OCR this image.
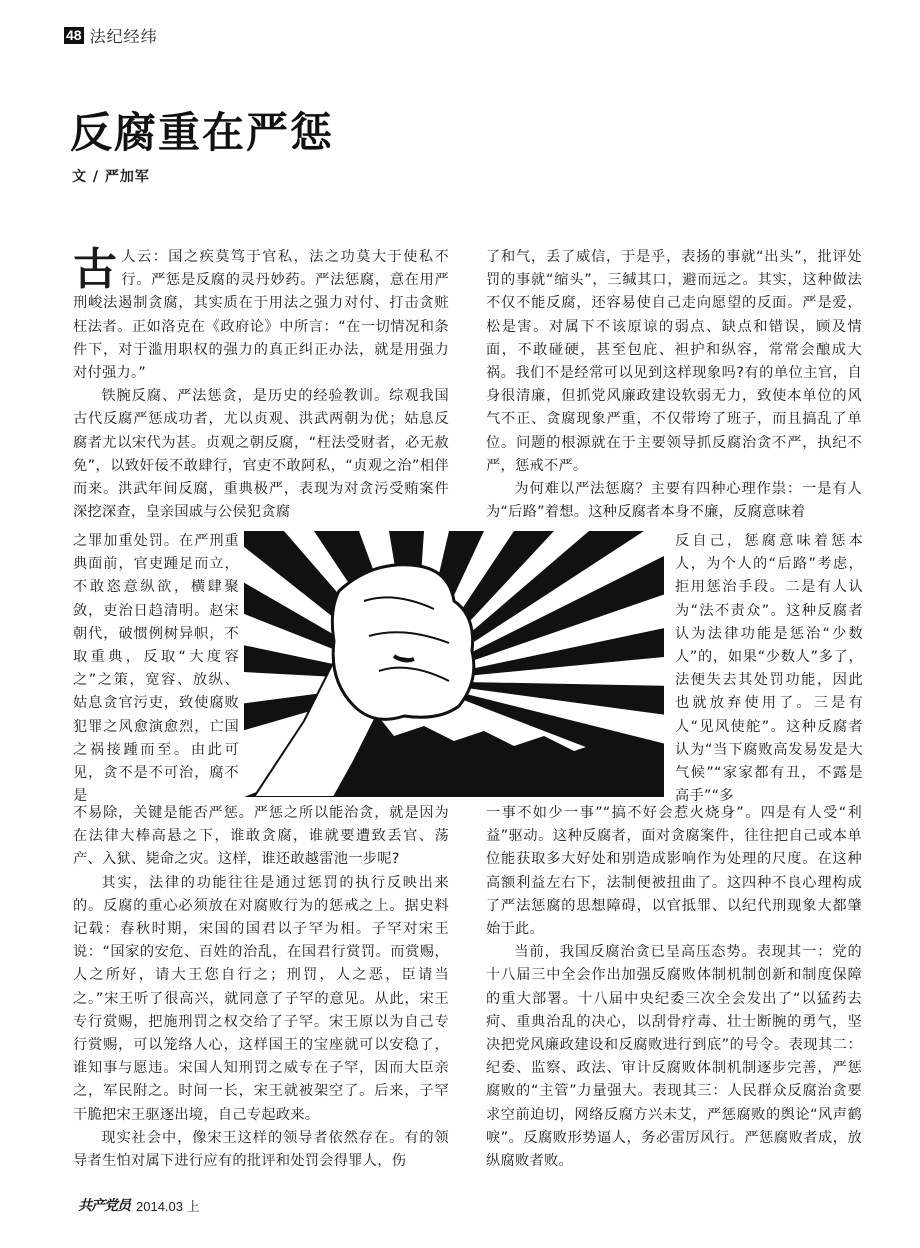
48 法纪经纬
反腐重在严惩
文 / 严加军

古人云：国之疾莫笃于官私，法之功莫大于使私不行。严惩是反腐的灵丹妙药。严法惩腐，意在用严刑峻法遏制贪腐，其实质在于用法之强力对付、打击贪赃枉法者。正如洛克在《政府论》中所言：“在一切情况和条件下，对于滥用职权的强力的真正纠正办法，就是用强力对付强力。”

铁腕反腐、严法惩贪，是历史的经验教训。综观我国古代反腐严惩成功者，尤以贞观、洪武两朝为优；姑息反腐者尤以宋代为甚。贞观之朝反腐，“枉法受财者，必无赦免”，以致奸佞不敢肆行，官吏不敢阿私，“贞观之治”相伴而来。洪武年间反腐，重典极严，表现为对贪污受贿案件深挖深查，皇亲国戚与公侯犯贪腐

之罪加重处罚。在严刑重典面前，官吏踵足而立，不敢恣意纵欲，横肆聚敛，吏治日趋清明。赵宋朝代，破惯例树异帜，不取重典，反取“大度容之”之策，宽容、放纵、姑息贪官污吏，致使腐败犯罪之风愈演愈烈，亡国之祸接踵而至。由此可见，贪不是不可治，腐不是

不易除，关键是能否严惩。严惩之所以能治贪，就是因为在法律大棒高悬之下，谁敢贪腐，谁就要遭致丢官、荡产、入狱、毙命之灾。这样，谁还敢越雷池一步呢?

其实，法律的功能往往是通过惩罚的执行反映出来的。反腐的重心必须放在对腐败行为的惩戒之上。据史料记载：春秋时期，宋国的国君以子罕为相。子罕对宋王说：“国家的安危、百姓的治乱，在国君行赏罚。而赏赐，人之所好，请大王您自行之；刑罚，人之恶，臣请当之。”宋王听了很高兴，就同意了子罕的意见。从此，宋王专行赏赐，把施刑罚之权交给了子罕。宋王原以为自己专行赏赐，可以笼络人心，这样国王的宝座就可以安稳了，谁知事与愿违。宋国人知刑罚之威专在子罕，因而大臣亲之，军民附之。时间一长，宋王就被架空了。后来，子罕干脆把宋王驱逐出境，自己专起政来。

现实社会中，像宋王这样的领导者依然存在。有的领导者生怕对属下进行应有的批评和处罚会得罪人，伤

了和气，丢了威信，于是乎，表扬的事就“出头”，批评处罚的事就“缩头”，三缄其口，避而远之。其实，这种做法不仅不能反腐，还容易使自己走向愿望的反面。严是爱，松是害。对属下不该原谅的弱点、缺点和错误，顾及情面，不敢碰硬，甚至包庇、袒护和纵容，常常会酿成大祸。我们不是经常可以见到这样现象吗?有的单位主官，自身很清廉，但抓党风廉政建设软弱无力，致使本单位的风气不正、贪腐现象严重，不仅带垮了班子，而且搞乱了单位。问题的根源就在于主要领导抓反腐治贪不严，执纪不严，惩戒不严。

为何难以严法惩腐？主要有四种心理作祟：一是有人为“后路”着想。这种反腐者本身不廉，反腐意味着

反自己，惩腐意味着惩本人，为个人的“后路”考虑，拒用惩治手段。二是有人认为“法不责众”。这种反腐者认为法律功能是惩治“少数人”的，如果“少数人”多了，法便失去其处罚功能，因此也就放弃使用了。三是有人“见风使舵”。这种反腐者认为“当下腐败高发易发是大气候”“家家都有丑，不露是高手”“多

一事不如少一事”“搞不好会惹火烧身”。四是有人受“利益”驱动。这种反腐者，面对贪腐案件，往往把自己或本单位能获取多大好处和别造成影响作为处理的尺度。在这种高额利益左右下，法制便被扭曲了。这四种不良心理构成了严法惩腐的思想障碍，以官抵罪、以纪代刑现象大都肇始于此。

当前，我国反腐治贪已呈高压态势。表现其一：党的十八届三中全会作出加强反腐败体制机制创新和制度保障的重大部署。十八届中央纪委三次全会发出了“以猛药去疴、重典治乱的决心，以刮骨疗毒、壮士断腕的勇气，坚决把党风廉政建设和反腐败进行到底”的号令。表现其二：纪委、监察、政法、审计反腐败体制机制逐步完善，严惩腐败的“主管”力量强大。表现其三：人民群众反腐治贪要求空前迫切，网络反腐方兴未艾，严惩腐败的舆论“风声鹤唳”。反腐败形势逼人，务必雷厉风行。严惩腐败者成，放纵腐败者败。

共产党员 2014.03 上
